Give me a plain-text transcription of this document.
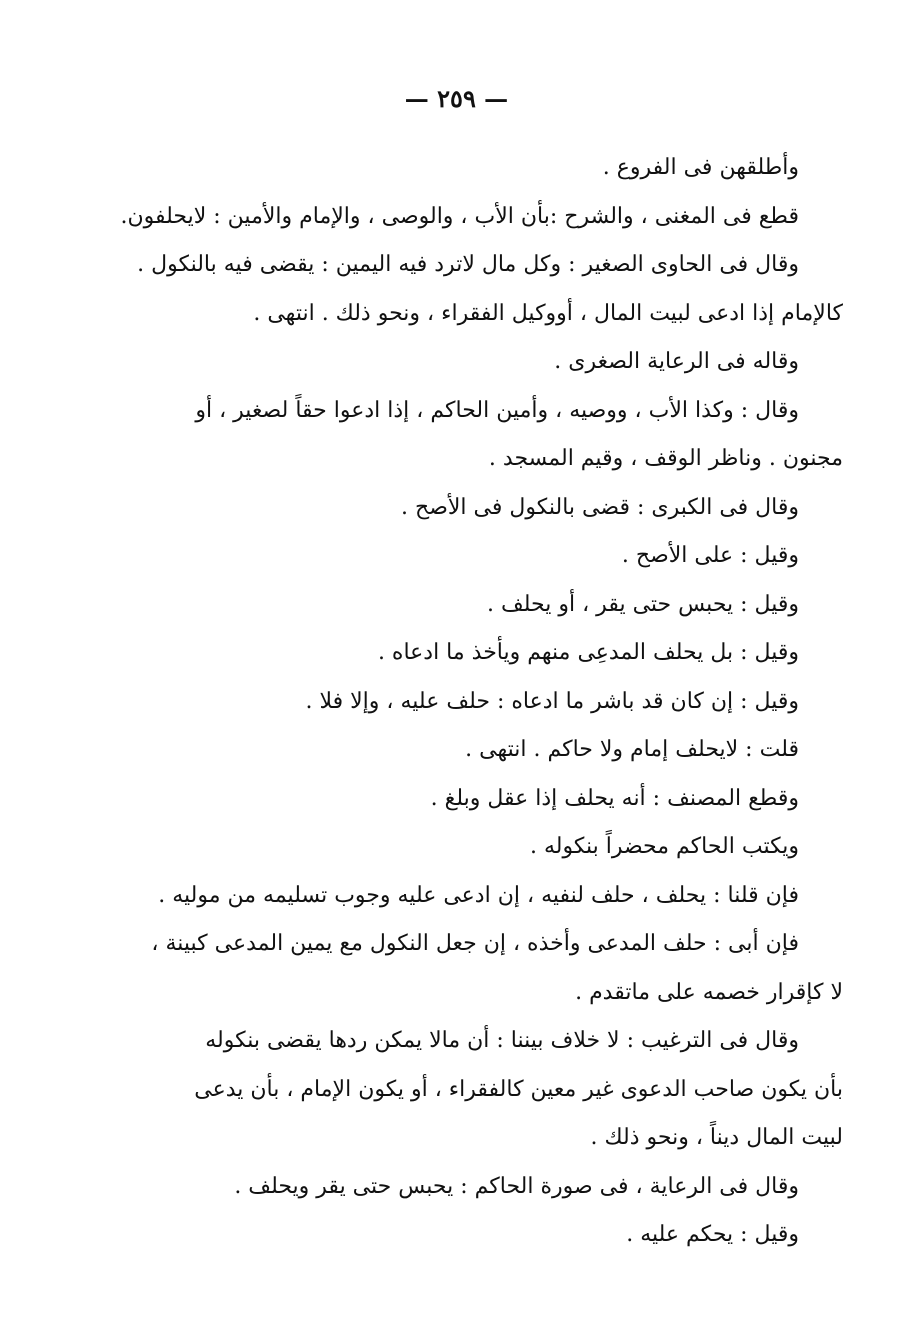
— ٢٥٩ —
وأطلقهن فى الفروع .
قطع فى المغنى ، والشرح :بأن الأب ، والوصى ، والإمام والأمين : لايحلفون.
وقال فى الحاوى الصغير : وكل مال لاترد فيه اليمين : يقضى فيه بالنكول .
كالإمام إذا ادعى لبيت المال ، أووكيل الفقراء ، ونحو ذلك . انتهى .
وقاله فى الرعاية الصغرى .
وقال : وكذا الأب ، ووصيه ، وأمين الحاكم ، إذا ادعوا حقاً لصغير ، أو
مجنون . وناظر الوقف ، وقيم المسجد .
وقال فى الكبرى : قضى بالنكول فى الأصح .
وقيل : على الأصح .
وقيل : يحبس حتى يقر ، أو يحلف .
وقيل : بل يحلف المدعِى منهم ويأخذ ما ادعاه .
وقيل : إن كان قد باشر ما ادعاه : حلف عليه ، وإلا فلا .
قلت : لايحلف إمام ولا حاكم . انتهى .
وقطع المصنف : أنه يحلف إذا عقل وبلغ .
ويكتب الحاكم محضراً بنكوله .
فإن قلنا : يحلف ، حلف لنفيه ، إن ادعى عليه وجوب تسليمه من موليه .
فإن أبى : حلف المدعى وأخذه ، إن جعل النكول مع يمين المدعى كبينة ،
لا كإقرار خصمه على ماتقدم .
وقال فى الترغيب : لا خلاف بيننا : أن مالا يمكن ردها يقضى بنكوله
بأن يكون صاحب الدعوى غير معين كالفقراء ، أو يكون الإمام ، بأن يدعى
لبيت المال ديناً ، ونحو ذلك .
وقال فى الرعاية ، فى صورة الحاكم : يحبس حتى يقر ويحلف .
وقيل : يحكم عليه .
